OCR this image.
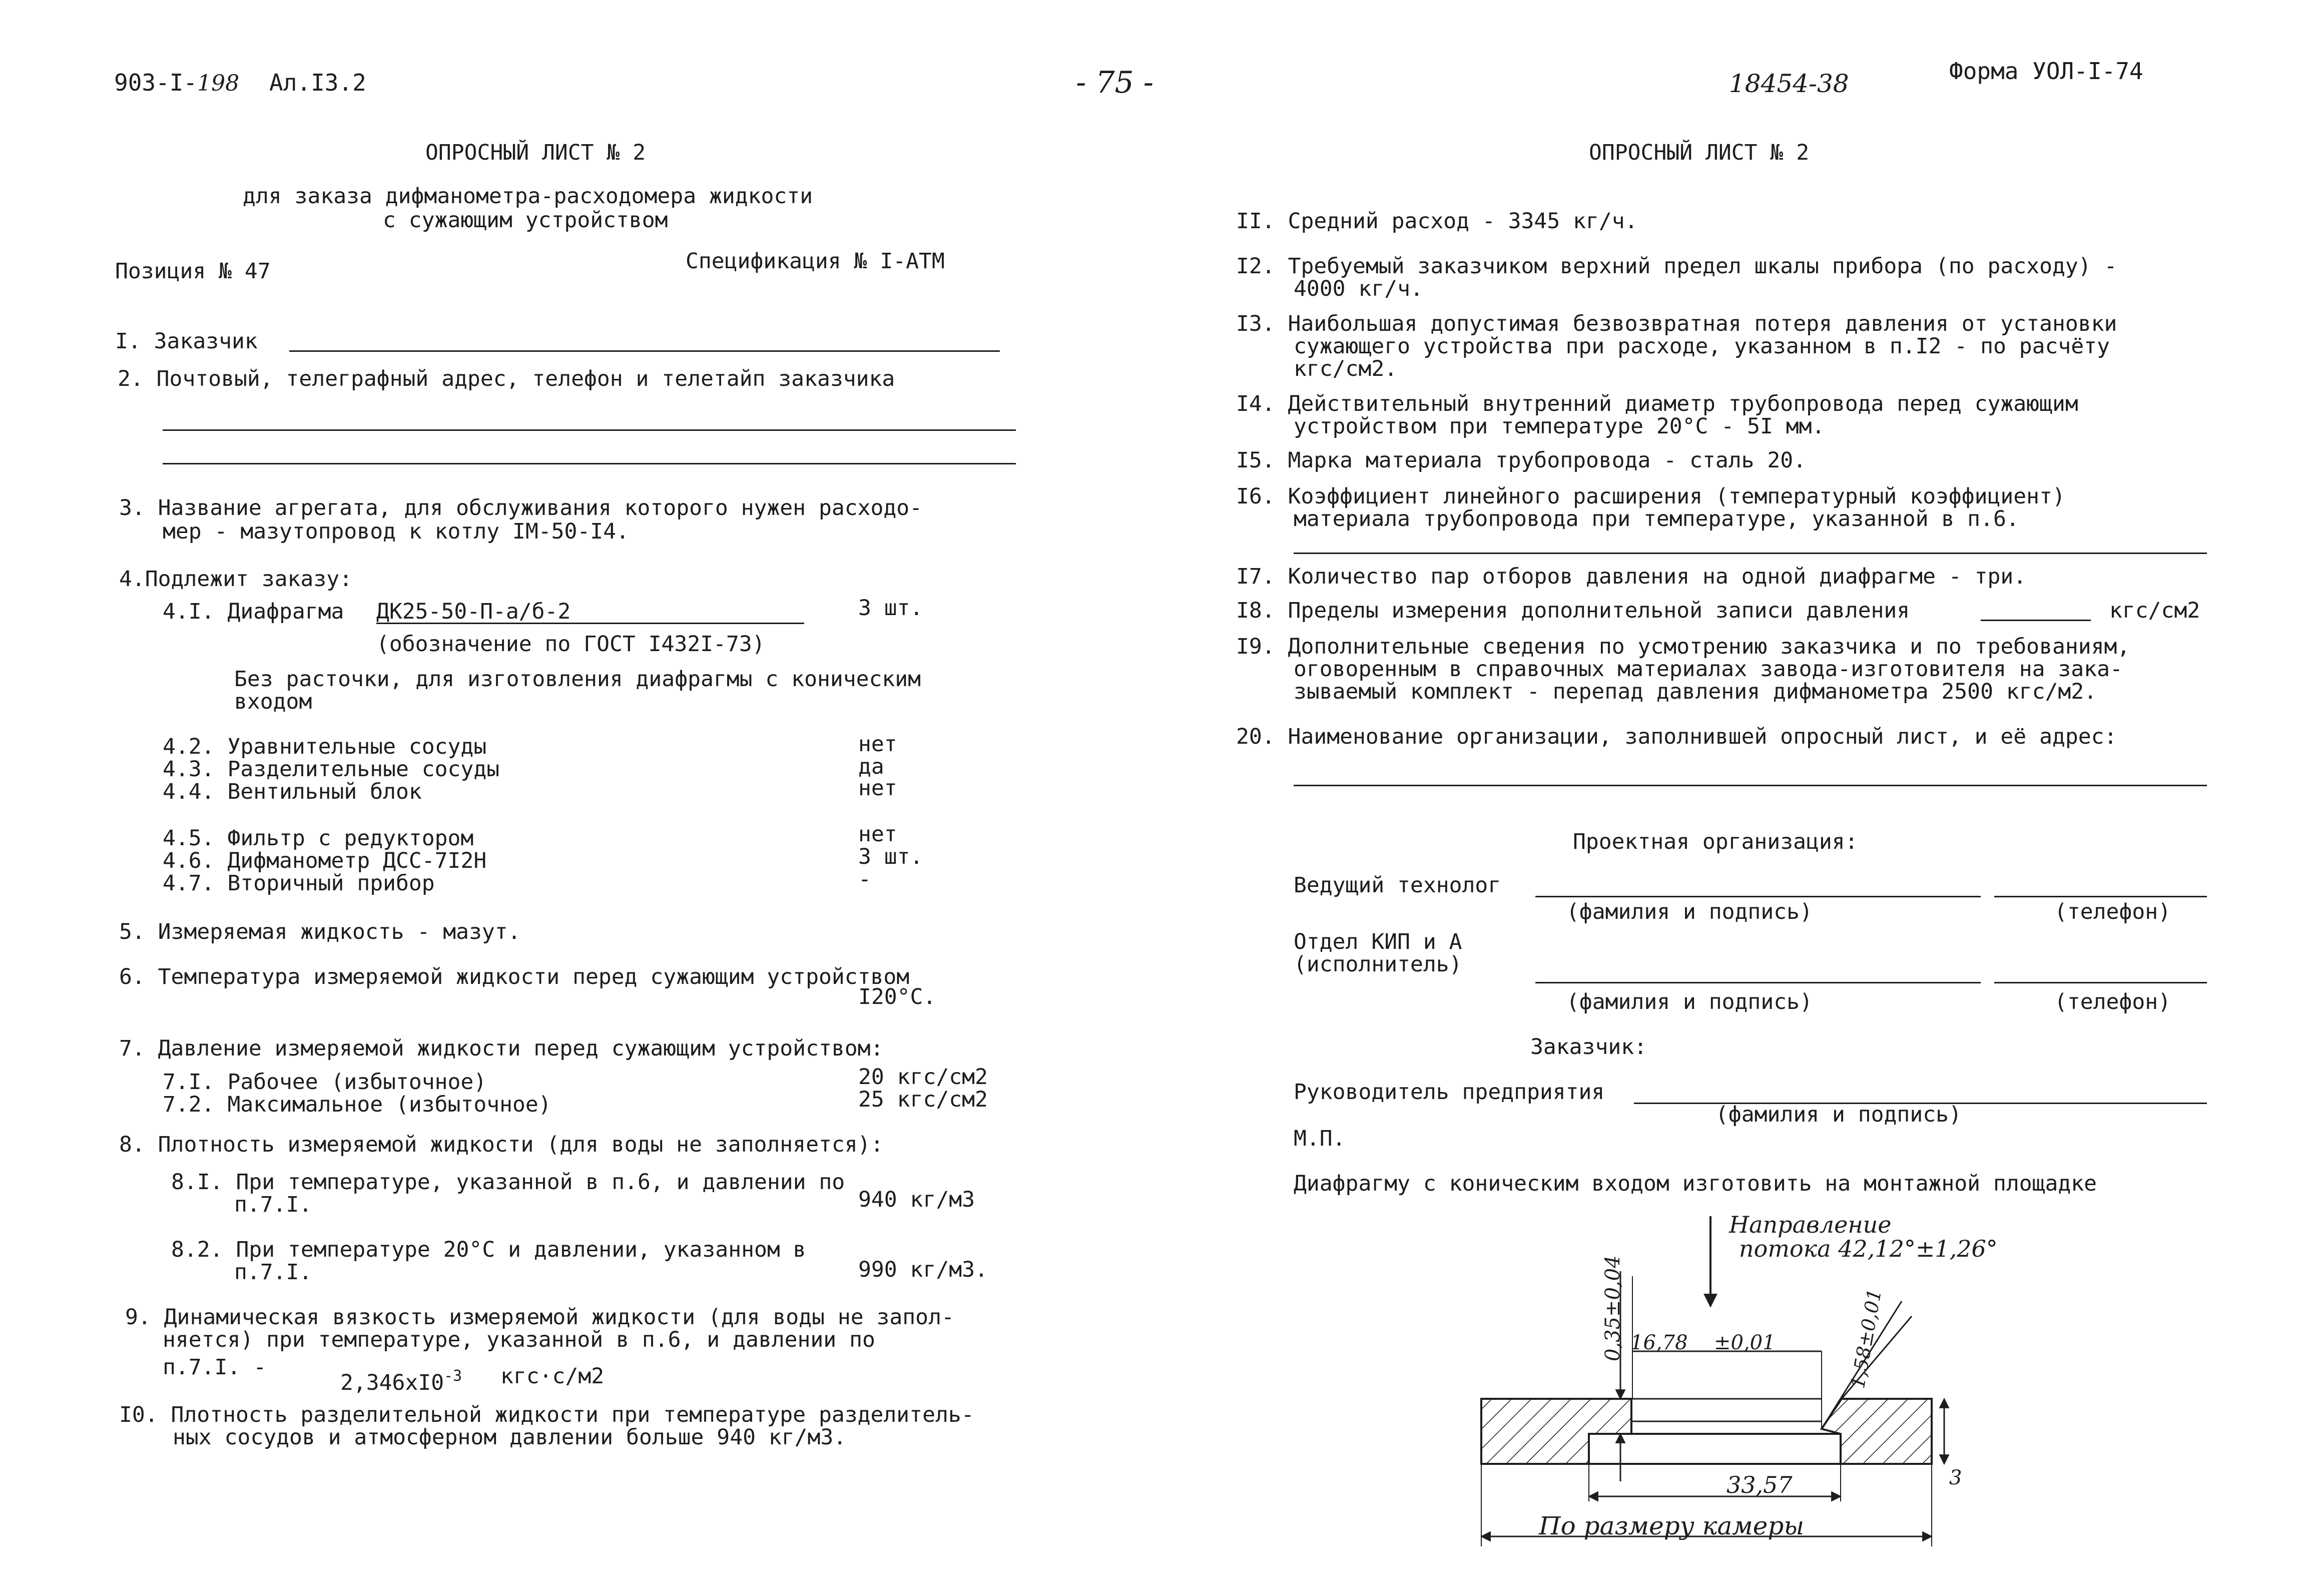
903-I-198 Ал.I3.2	- 75 -	18454-38	Форма УОЛ-I-74
ОПРОСНЫЙ ЛИСТ № 2
для заказа дифманометра-расходомера жидкости
с сужающим устройством
Позиция № 47	Спецификация № I-АТМ
I. Заказчик
2. Почтовый, телеграфный адрес, телефон и телетайп заказчика
3. Название агрегата, для обслуживания которого нужен расходо-
мер - мазутопровод к котлу IM-50-I4.
4.Подлежит заказу:
4.I. Диафрагма ДК25-50-П-а/б-2	3 шт.
(обозначение по ГОСТ I432I-73)
Без расточки, для изготовления диафрагмы с коническим
входом
4.2. Уравнительные сосуды	нет
4.3. Разделительные сосуды	да
4.4. Вентильный блок	нет
4.5. Фильтр с редуктором	нет
4.6. Дифманометр ДСС-7I2Н	3 шт.
4.7. Вторичный прибор	-
5. Измеряемая жидкость - мазут.
6. Температура измеряемой жидкости перед сужающим устройством
I20°С.
7. Давление измеряемой жидкости перед сужающим устройством:
7.I. Рабочее (избыточное)	20 кгс/см2
7.2. Максимальное (избыточное)	25 кгс/см2
8. Плотность измеряемой жидкости (для воды не заполняется):
8.I. При температуре, указанной в п.6, и давлении по
п.7.I.	940 кг/м3
8.2. При температуре 20°С и давлении, указанном в
п.7.I.	990 кг/м3.
9. Динамическая вязкость измеряемой жидкости (для воды не запол-
няется) при температуре, указанной в п.6, и давлении по
п.7.I. -
$2,346хI0^{-3}$ кгс·с/м2
I0. Плотность разделительной жидкости при температуре разделитель-
ных сосудов и атмосферном давлении больше 940 кг/м3.
ОПРОСНЫЙ ЛИСТ № 2
II. Средний расход - 3345 кг/ч.
I2. Требуемый заказчиком верхний предел шкалы прибора (по расходу) -
4000 кг/ч.
I3. Наибольшая допустимая безвозвратная потеря давления от установки
сужающего устройства при расходе, указанном в п.I2 - по расчёту
кгс/см2.
I4. Действительный внутренний диаметр трубопровода перед сужающим
устройством при температуре 20°С - 5I мм.
I5. Марка материала трубопровода - сталь 20.
I6. Коэффициент линейного расширения (температурный коэффициент)
материала трубопровода при температуре, указанной в п.6.
I7. Количество пар отборов давления на одной диафрагме - три.
I8. Пределы измерения дополнительной записи давления	кгс/см2
I9. Дополнительные сведения по усмотрению заказчика и по требованиям,
оговоренным в справочных материалах завода-изготовителя на зака-
зываемый комплект - перепад давления дифманометра 2500 кгс/м2.
20. Наименование организации, заполнившей опросный лист, и её адрес:
Проектная организация:
Ведущий технолог
(фамилия и подпись)	(телефон)
Отдел КИП и А
(исполнитель)
(фамилия и подпись)	(телефон)
Заказчик:
Руководитель предприятия
(фамилия и подпись)
М.П.
Диафрагму с коническим входом изготовить на монтажной площадке
Направление
потока 42,12°±1,26°
0,35±0,04 16,78 ±0,01	1,58±0,01
3
33,57
По размеру камеры
